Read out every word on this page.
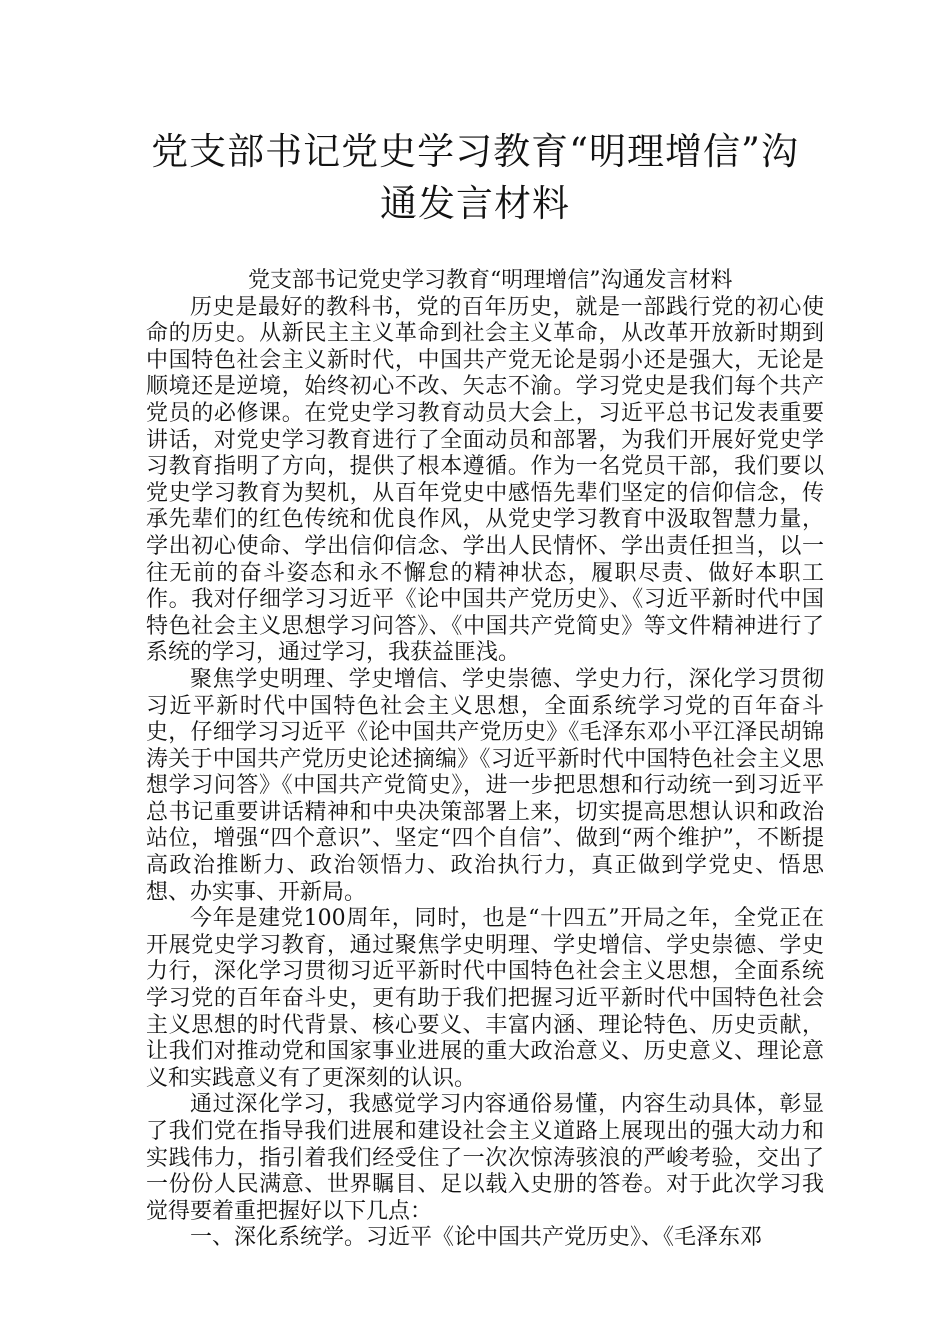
党支部书记党史学习教育“明理增信”沟
通发言材料

党支部书记党史学习教育“明理增信”沟通发言材料

历史是最好的教科书，党的百年历史，就是一部践行党的初心使命的历史。从新民主主义革命到社会主义革命，从改革开放新时期到中国特色社会主义新时代，中国共产党无论是弱小还是强大，无论是顺境还是逆境，始终初心不改、矢志不渝。学习党史是我们每个共产党员的必修课。在党史学习教育动员大会上，习近平总书记发表重要讲话，对党史学习教育进行了全面动员和部署，为我们开展好党史学习教育指明了方向，提供了根本遵循。作为一名党员干部，我们要以党史学习教育为契机，从百年党史中感悟先辈们坚定的信仰信念，传承先辈们的红色传统和优良作风，从党史学习教育中汲取智慧力量，学出初心使命、学出信仰信念、学出人民情怀、学出责任担当，以一往无前的奋斗姿态和永不懈怠的精神状态，履职尽责、做好本职工作。我对仔细学习习近平《论中国共产党历史》、《习近平新时代中国特色社会主义思想学习问答》、《中国共产党简史》等文件精神进行了系统的学习，通过学习，我获益匪浅。

聚焦学史明理、学史增信、学史崇德、学史力行，深化学习贯彻习近平新时代中国特色社会主义思想，全面系统学习党的百年奋斗史，仔细学习习近平《论中国共产党历史》《毛泽东邓小平江泽民胡锦涛关于中国共产党历史论述摘编》《习近平新时代中国特色社会主义思想学习问答》《中国共产党简史》，进一步把思想和行动统一到习近平总书记重要讲话精神和中央决策部署上来，切实提高思想认识和政治站位，增强“四个意识”、坚定“四个自信”、做到“两个维护”，不断提高政治推断力、政治领悟力、政治执行力，真正做到学党史、悟思想、办实事、开新局。

今年是建党100周年，同时，也是“十四五”开局之年，全党正在开展党史学习教育，通过聚焦学史明理、学史增信、学史崇德、学史力行，深化学习贯彻习近平新时代中国特色社会主义思想，全面系统学习党的百年奋斗史，更有助于我们把握习近平新时代中国特色社会主义思想的时代背景、核心要义、丰富内涵、理论特色、历史贡献，让我们对推动党和国家事业进展的重大政治意义、历史意义、理论意义和实践意义有了更深刻的认识。

通过深化学习，我感觉学习内容通俗易懂，内容生动具体，彰显了我们党在指导我们进展和建设社会主义道路上展现出的强大动力和实践伟力，指引着我们经受住了一次次惊涛骇浪的严峻考验，交出了一份份人民满意、世界瞩目、足以载入史册的答卷。对于此次学习我觉得要着重把握好以下几点：

一、深化系统学。习近平《论中国共产党历史》、《毛泽东邓
